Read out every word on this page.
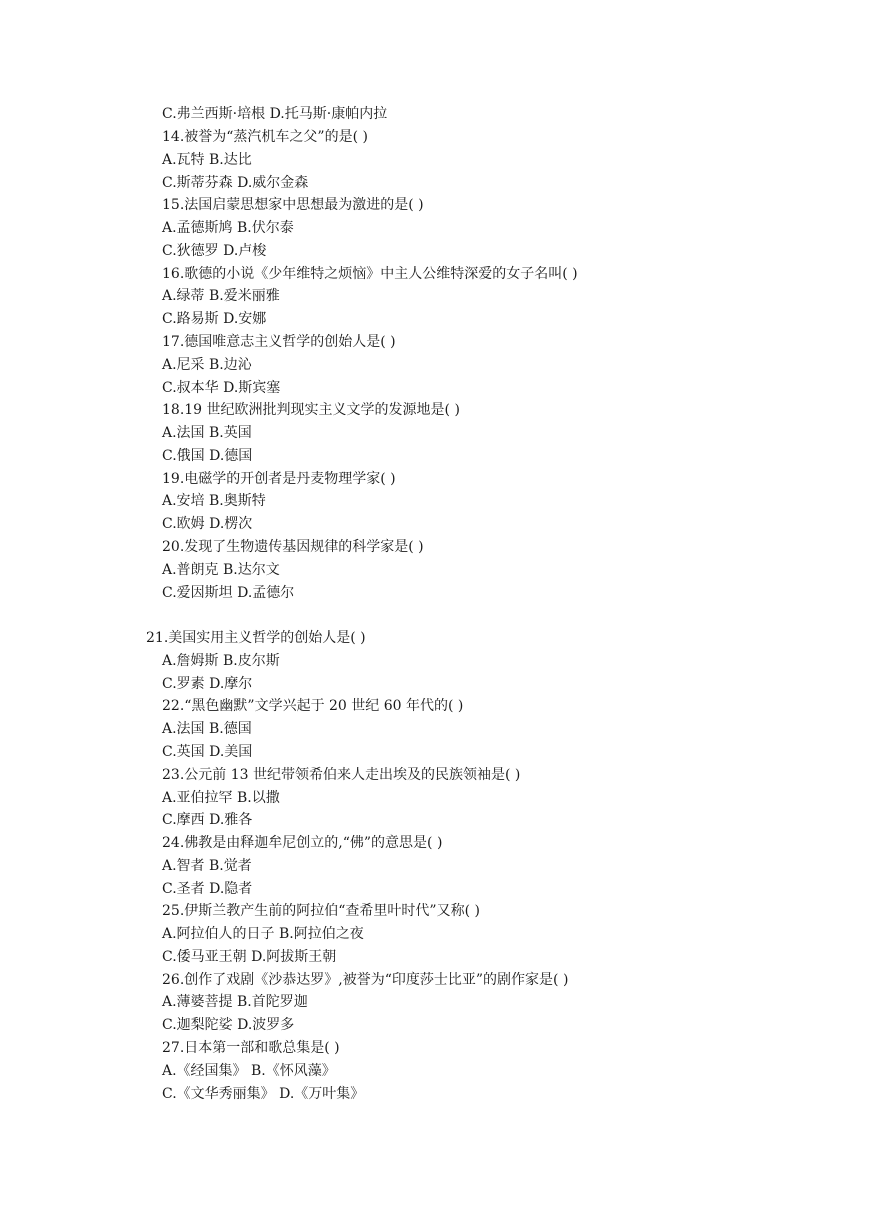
C.弗兰西斯·培根 D.托马斯·康帕内拉
14.被誉为“蒸汽机车之父”的是( )
A.瓦特 B.达比
C.斯蒂芬森 D.威尔金森
15.法国启蒙思想家中思想最为激进的是( )
A.孟德斯鸠 B.伏尔泰
C.狄德罗 D.卢梭
16.歌德的小说《少年维特之烦恼》中主人公维特深爱的女子名叫( )
A.绿蒂 B.爱米丽雅
C.路易斯 D.安娜
17.德国唯意志主义哲学的创始人是( )
A.尼采 B.边沁
C.叔本华 D.斯宾塞
18.19 世纪欧洲批判现实主义文学的发源地是( )
A.法国 B.英国
C.俄国 D.德国
19.电磁学的开创者是丹麦物理学家( )
A.安培 B.奥斯特
C.欧姆 D.楞次
20.发现了生物遗传基因规律的科学家是( )
A.普朗克 B.达尔文
C.爱因斯坦 D.孟德尔
21.美国实用主义哲学的创始人是( )
A.詹姆斯 B.皮尔斯
C.罗素 D.摩尔
22.“黑色幽默”文学兴起于 20 世纪 60 年代的( )
A.法国 B.德国
C.英国 D.美国
23.公元前 13 世纪带领希伯来人走出埃及的民族领袖是( )
A.亚伯拉罕 B.以撒
C.摩西 D.雅各
24.佛教是由释迦牟尼创立的,“佛”的意思是( )
A.智者 B.觉者
C.圣者 D.隐者
25.伊斯兰教产生前的阿拉伯“查希里叶时代”又称( )
A.阿拉伯人的日子 B.阿拉伯之夜
C.倭马亚王朝 D.阿拔斯王朝
26.创作了戏剧《沙恭达罗》,被誉为“印度莎士比亚”的剧作家是( )
A.薄婆菩提 B.首陀罗迦
C.迦梨陀娑 D.波罗多
27.日本第一部和歌总集是( )
A.《经国集》 B.《怀风藻》
C.《文华秀丽集》 D.《万叶集》
